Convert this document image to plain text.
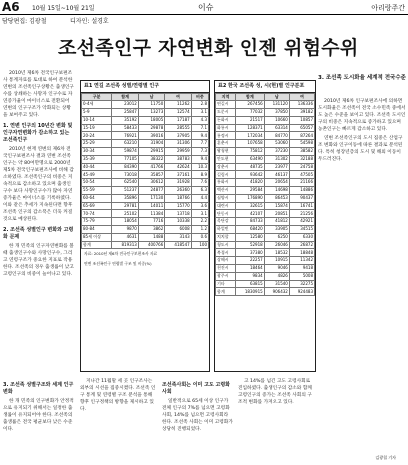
A6 10월 15일~10월 21일	이슈	아리랑주간
담당편집: 김광철	디자인: 설경호
조선족인구 자연변화 인젠 위험수위

2010년 제6차 전국인구보편조사 통계자료를 토대로 하여 분석한 연변의 조선족인구상황은 출생인구수를 상쇄하는 사망자 인구수로 자연증가율이 마이너스로 전환되어 연변의 인구구조가 악화되는 상황을 보여주고 있다.

1. 연변 인구의 10년간 변화 및 인구자연변화가 감소하고 있는 조선족인구

2010년 현재 연변의 제6차 전국인구보편조사 결과 연변 조선족인구는 약 80여만명으로 2000년 제5차 전국인구보편조사에 비해 감소하였다. 조선족인구의 비중은 지속적으로 감소하고 있으며 출생인구수 보다 사망인구수가 많아 자연증가율은 마이너스를 기록하였다. 이와 같은 추세가 지속된다면 향후 조선족 인구의 감소폭은 더욱 커질 것으로 예상된다.

2. 조선족 성별인구 변화와 고령화 문제

한 개 민족의 인구자연변화를 볼 때 출생인구수와 사망인구수, 그리고 연령구조가 중요한 지표로 작용한다. 조선족의 경우 출생률이 낮고 고령인구의 비중이 늘어나고 있다.

표1 연길 조선족 성별/연령별 인구
구분	합계	남	여	비중
0-4세	23012	11750	11262	2.8
5-9	25847	13273	12574	3.1
10-14	35192	18005	17187	4.3
15-19	58433	29878	28555	7.1
20-24	76921	39016	37905	9.4
25-29	63210	31904	31306	7.7
30-34	59874	29915	29959	7.3
35-39	77105	38322	38783	9.4
40-44	84390	41766	42624	10.3
45-49	73018	35857	37161	8.9
50-54	62540	30612	31928	7.6
55-59	51237	24877	26360	6.3
60-64	35896	17130	18766	4.4
65-69	29781	14011	15770	3.6
70-74	25102	11384	13718	3.1
75-79	18054	7716	10338	2.2
80-84	9870	3862	6008	1.2
85세 이상	4631	1488	3143	0.6
합계	819313	400766	418547	100
자료: 2010년 제6차 전국인구보편조사 자료
연변 조선족인구 연령별 구조 및 비중(%)
표2 한국 조선족 성, 시(현)별 인구분포
지역	합계	남	여
연길시	267456	131120	136336
도문시	77032	37850	39182
돈화시	21517	10660	10857
화룡시	128371	63314	65057
룡정시	172034	84770	87264
훈춘시	107658	53060	54598
왕청현	75812	37230	38582
안도현	63490	31302	32188
장춘시	48735	23977	24758
길림시	93642	46137	47505
통화시	41820	20654	21166
백산시	29584	14698	14886
심양시	176890	86453	90437
대련시	32615	15874	16741
단동시	42107	20851	21256
목단강	84733	41812	42921
하얼빈	68420	33905	34515
치치할	12580	6250	6330
청도시	52918	26046	26872
북경시	37380	18532	18848
상해시	22257	10915	11342
천진시	18464	9046	9418
광주시	9834	4826	5008
기타	63815	31540	32275
합계	1830915	906432	924483
3. 조선족 도시화율 세계적 전국수준

2010년 제6차 인구보편조사에 의하면 도시화율은 조선족이 전국 소수민족 중에서도 높은 수준을 보이고 있다. 조선족 도시인구의 비중은 지속적으로 증가하고 있으며 농촌인구는 빠르게 감소하고 있다.

연변 조선족인구의 도시 집중은 산업구조 변화와 인구이동에 따른 결과로 분석된다. 특히 청장년층의 도시 및 해외 이동이 두드러진다.

3. 조선족 성별구조와 세계 인구변화

한 개 민족의 인구변화가 안정적으로 유지되기 위해서는 일정한 출생률이 유지되어야 한다. 조선족의 출생률은 전국 평균보다 낮은 수준이다.

지나간 11월말 세 곳 인구조사는 외부의 시선을 집중시켰다. 조선족 인구 통계 및 연령별 구조 분석을 통해 향후 인구정책의 방향을 제시하고 있다.

조선족사회는 이미 고도 고령화사회

일반적으로 65세 이상 인구가 전체 인구의 7%를 넘으면 고령화사회, 14%를 넘으면 고령사회라 한다. 조선족 사회는 이미 고령화가 상당히 진행되었다.

고 14%를 넘긴 고도 고령사회로 진입하였다. 출생인구의 감소와 함께 고령인구의 증가는 조선족 사회의 구조적 변화를 가져오고 있다.

김광철 기자
